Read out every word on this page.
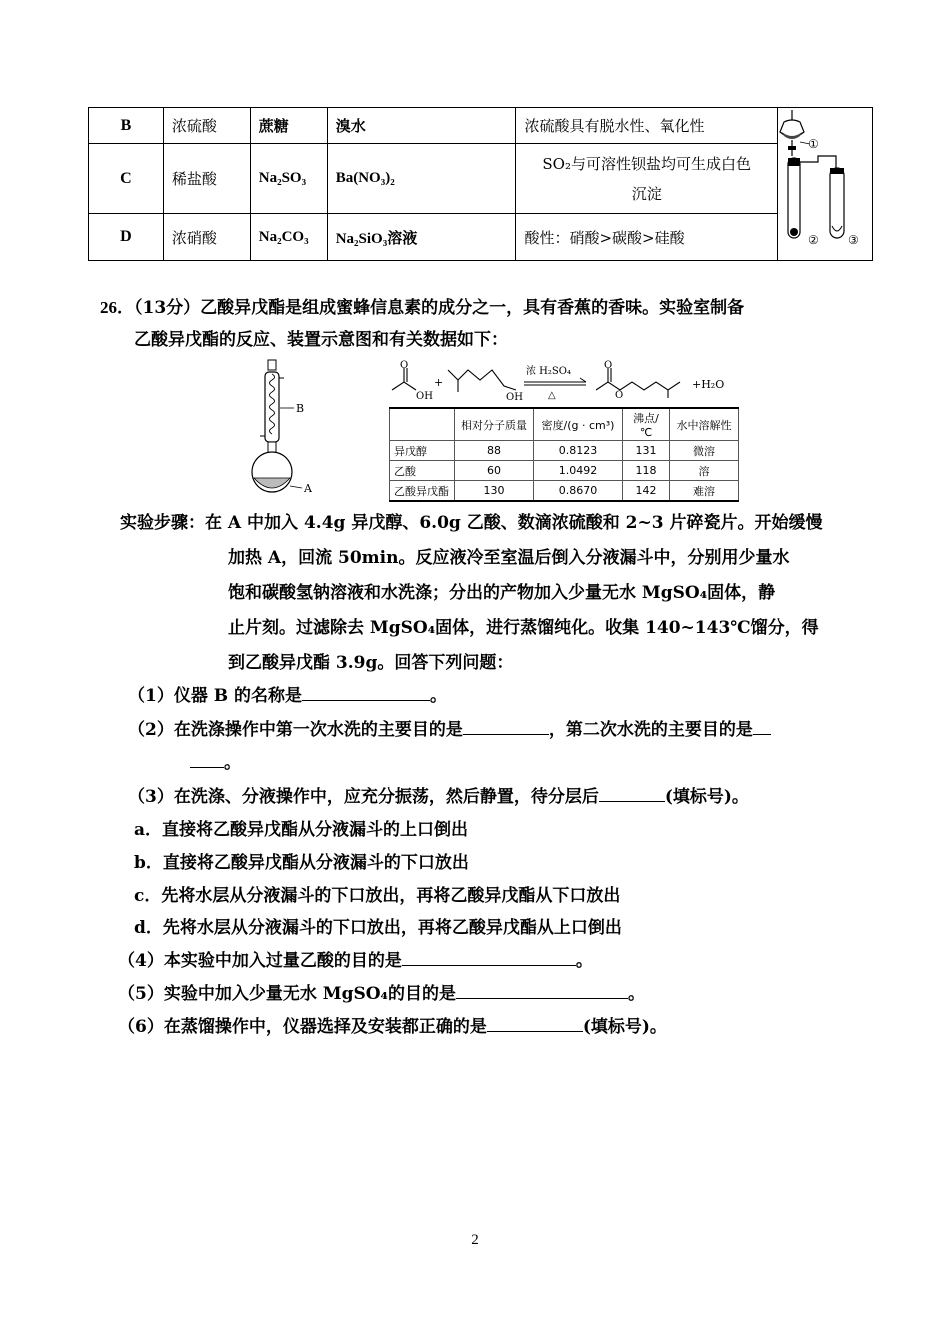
B	浓硫酸	蔗糖	溴水	浓硫酸具有脱水性、氧化性	①
② ③

C	稀盐酸	Na₂SO₃	Ba(NO₃)₂	SO₂与可溶性钡盐均可生成白色
沉淀	

D	浓硝酸	Na₂CO₃	Na₂SiO₃溶液	酸性：硝酸>碳酸>硅酸	
26．（13分）乙酸异戊酯是组成蜜蜂信息素的成分之一，具有香蕉的香味。实验室制备
乙酸异戊酯的反应、装置示意图和有关数据如下：
B
A
O
OH
+
OH
浓 H₂SO₄
△
O
O
+H₂O
	相对分子质量	密度/(g · cm³)	沸点/℃	水中溶解性
异戊醇	88	0.8123	131	微溶
乙酸	60	1.0492	118	溶
乙酸异戊酯	130	0.8670	142	难溶
实验步骤：在 A 中加入 4.4g 异戊醇、6.0g 乙酸、数滴浓硫酸和 2~3 片碎瓷片。开始缓慢
加热 A，回流 50min。反应液冷至室温后倒入分液漏斗中，分别用少量水
饱和碳酸氢钠溶液和水洗涤；分出的产物加入少量无水 MgSO₄固体，静
止片刻。过滤除去 MgSO₄固体，进行蒸馏纯化。收集 140~143℃馏分，得
到乙酸异戊酯 3.9g。回答下列问题：
（1）仪器 B 的名称是	。
（2）在洗涤操作中第一次水洗的主要目的是	，第二次水洗的主要目的是
。
（3）在洗涤、分液操作中，应充分振荡，然后静置，待分层后	(填标号)。
a．直接将乙酸异戊酯从分液漏斗的上口倒出
b．直接将乙酸异戊酯从分液漏斗的下口放出
c．先将水层从分液漏斗的下口放出，再将乙酸异戊酯从下口放出
d．先将水层从分液漏斗的下口放出，再将乙酸异戊酯从上口倒出
（4）本实验中加入过量乙酸的目的是	。
（5）实验中加入少量无水 MgSO₄的目的是	。
（6）在蒸馏操作中，仪器选择及安装都正确的是	(填标号)。
2
